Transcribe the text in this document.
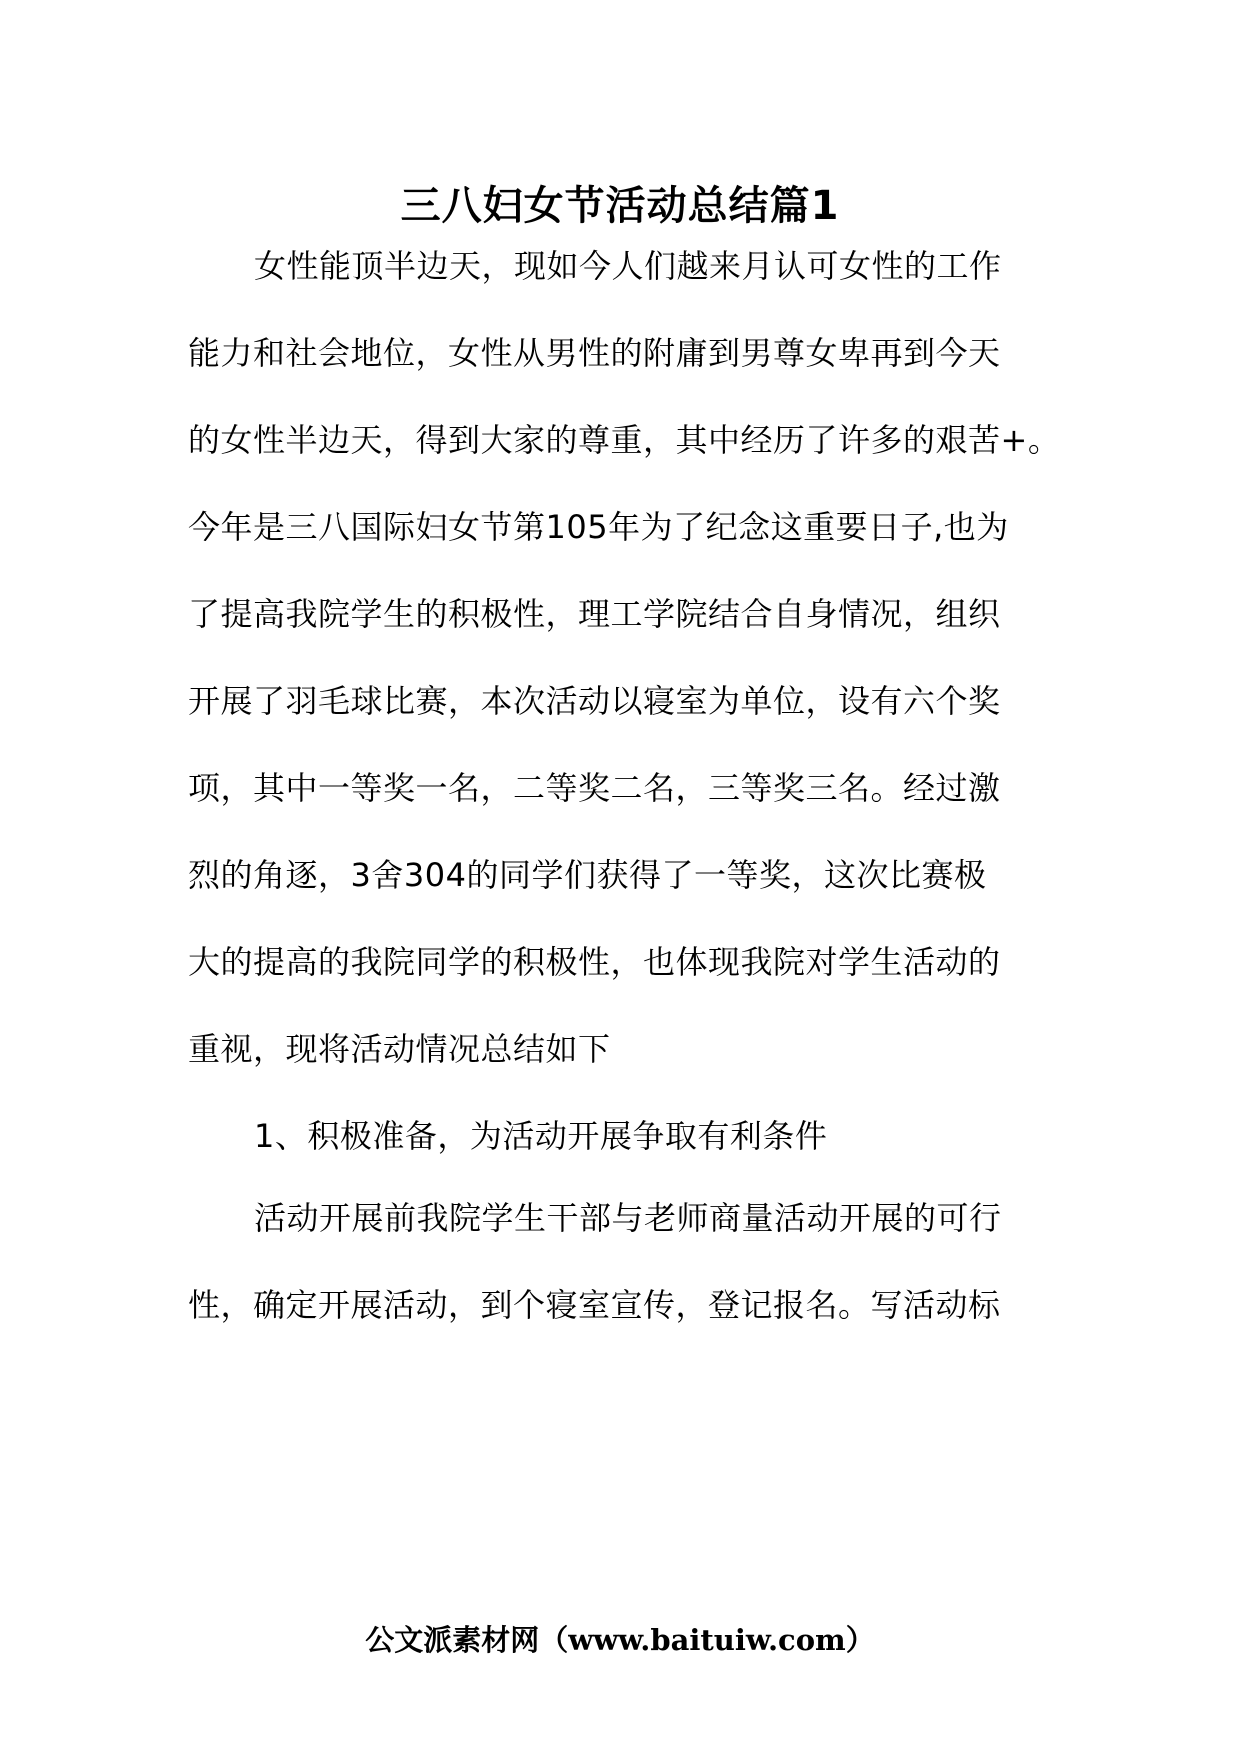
三八妇女节活动总结篇1
女性能顶半边天，现如今人们越来月认可女性的工作
能力和社会地位，女性从男性的附庸到男尊女卑再到今天
的女性半边天，得到大家的尊重，其中经历了许多的艰苦+。
今年是三八国际妇女节第105年为了纪念这重要日子,也为
了提高我院学生的积极性，理工学院结合自身情况，组织
开展了羽毛球比赛，本次活动以寝室为单位，设有六个奖
项，其中一等奖一名，二等奖二名，三等奖三名。经过激
烈的角逐，3舍304的同学们获得了一等奖，这次比赛极
大的提高的我院同学的积极性，也体现我院对学生活动的
重视，现将活动情况总结如下
1、积极准备，为活动开展争取有利条件
活动开展前我院学生干部与老师商量活动开展的可行
性，确定开展活动，到个寝室宣传，登记报名。写活动标
公文派素材网（www.baituiw.com）
